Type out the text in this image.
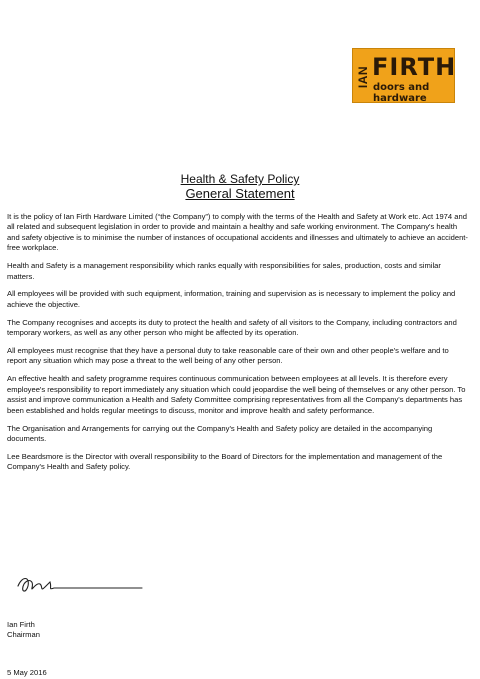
IAN FIRTH
doors and hardware
Health & Safety Policy
General Statement

It is the policy of Ian Firth Hardware Limited (“the Company”) to comply with the terms of the Health and Safety at Work etc. Act 1974 and all related and subsequent legislation in order to provide and maintain a healthy and safe working environment. The Company's health and safety objective is to minimise the number of instances of occupational accidents and illnesses and ultimately to achieve an accident-free workplace.

Health and Safety is a management responsibility which ranks equally with responsibilities for sales, production, costs and similar matters.

All employees will be provided with such equipment, information, training and supervision as is necessary to implement the policy and achieve the objective.

The Company recognises and accepts its duty to protect the health and safety of all visitors to the Company, including contractors and temporary workers, as well as any other person who might be affected by its operation.

All employees must recognise that they have a personal duty to take reasonable care of their own and other people's welfare and to report any situation which may pose a threat to the well being of any other person.

An effective health and safety programme requires continuous communication between employees at all levels. It is therefore every employee's responsibility to report immediately any situation which could jeopardise the well being of themselves or any other person. To assist and improve communication a Health and Safety Committee comprising representatives from all the Company's departments has been established and holds regular meetings to discuss, monitor and improve health and safety performance.

The Organisation and Arrangements for carrying out the Company's Health and Safety policy are detailed in the accompanying documents.

Lee Beardsmore is the Director with overall responsibility to the Board of Directors for the implementation and management of the Company's Health and Safety policy.

Ian Firth
Chairman
5 May 2016
